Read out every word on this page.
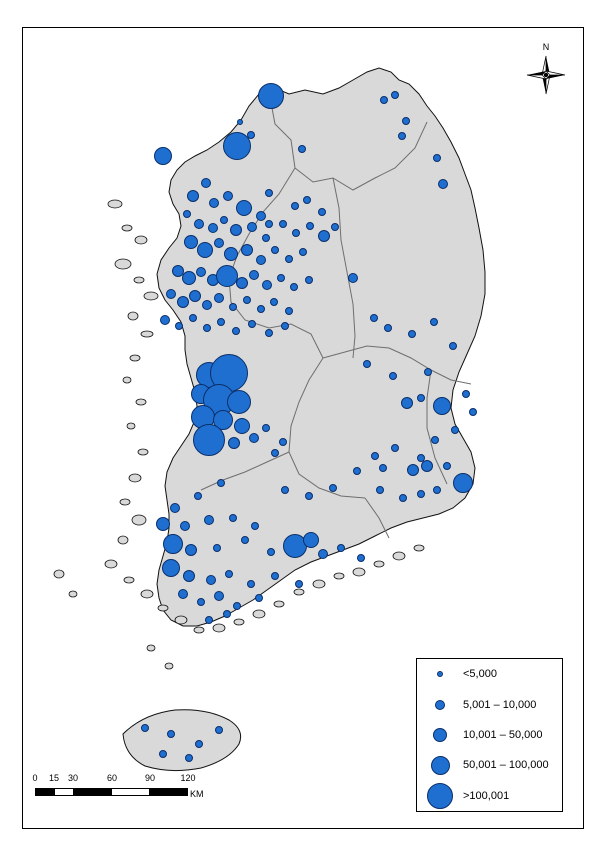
N
<5,000
5,001 – 10,000
10,001 – 50,000
50,001 – 100,000
>100,001
0 15 30	60	90	120
KM
